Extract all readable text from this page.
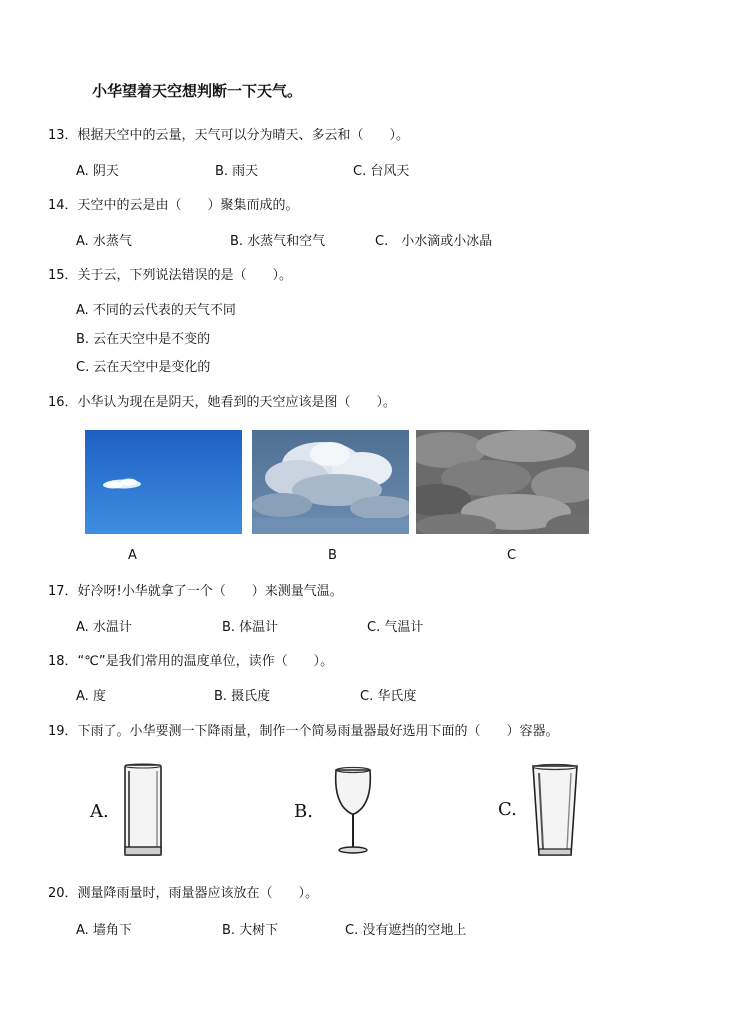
小华望着天空想判断一下天气。
13．根据天空中的云量，天气可以分为晴天、多云和（　　）。
A. 阴天	B. 雨天	C. 台风天
14．天空中的云是由（　　）聚集而成的。
A. 水蒸气	B. 水蒸气和空气	C.　小水滴或小冰晶
15．关于云，下列说法错误的是（　　）。
A. 不同的云代表的天气不同
B. 云在天空中是不变的
C. 云在天空中是变化的
16．小华认为现在是阴天，她看到的天空应该是图（　　）。
A	B	C
17．好冷呀!小华就拿了一个（　　）来测量气温。
A. 水温计	B. 体温计	C. 气温计
18．“℃”是我们常用的温度单位，读作（　　）。
A. 度	B. 摄氏度	C. 华氏度
19．下雨了。小华要测一下降雨量，制作一个简易雨量器最好选用下面的（　　）容器。
A.	B.	C.
20．测量降雨量时，雨量器应该放在（　　）。
A. 墙角下	B. 大树下	C. 没有遮挡的空地上
